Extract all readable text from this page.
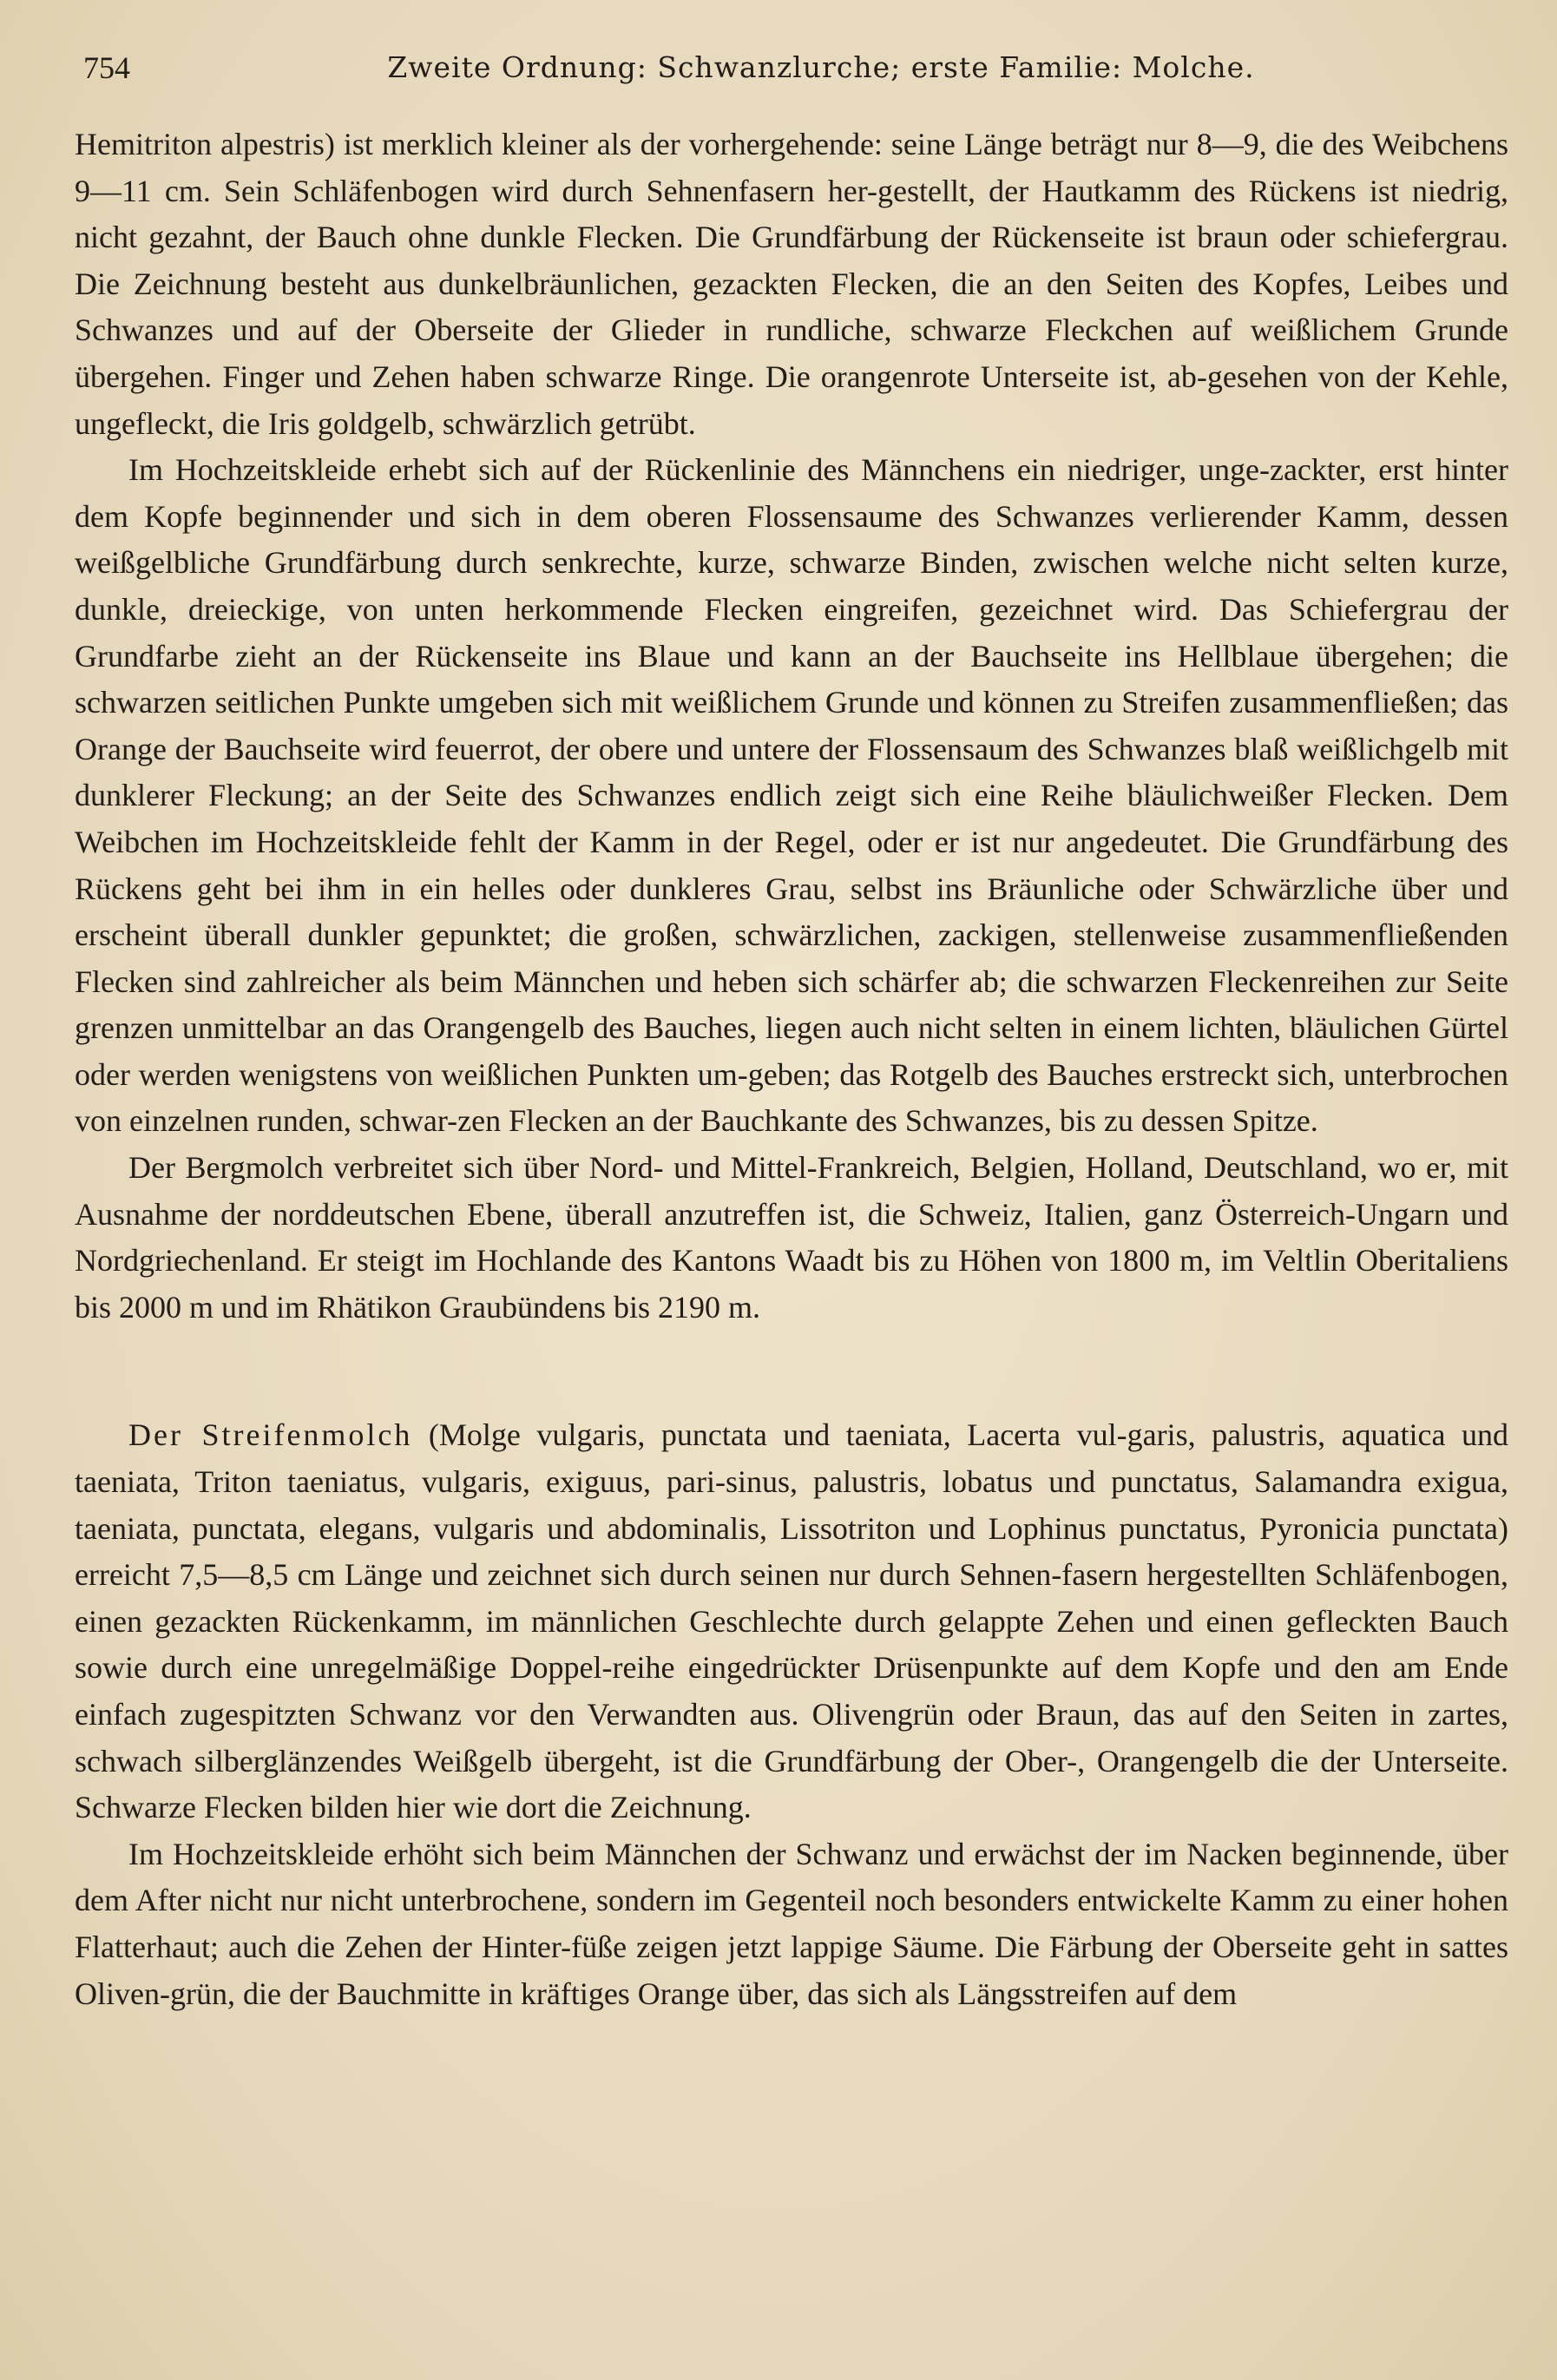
754	Zweite Ordnung: Schwanzlurche; erste Familie: Molche.

Hemitriton alpestris) ist merklich kleiner als der vorhergehende: seine Länge beträgt nur 8—9, die des Weibchens 9—11 cm. Sein Schläfenbogen wird durch Sehnenfasern her-gestellt, der Hautkamm des Rückens ist niedrig, nicht gezahnt, der Bauch ohne dunkle Flecken. Die Grundfärbung der Rückenseite ist braun oder schiefergrau. Die Zeichnung besteht aus dunkelbräunlichen, gezackten Flecken, die an den Seiten des Kopfes, Leibes und Schwanzes und auf der Oberseite der Glieder in rundliche, schwarze Fleckchen auf weißlichem Grunde übergehen. Finger und Zehen haben schwarze Ringe. Die orangenrote Unterseite ist, ab-gesehen von der Kehle, ungefleckt, die Iris goldgelb, schwärzlich getrübt.

Im Hochzeitskleide erhebt sich auf der Rückenlinie des Männchens ein niedriger, unge-zackter, erst hinter dem Kopfe beginnender und sich in dem oberen Flossensaume des Schwanzes verlierender Kamm, dessen weißgelbliche Grundfärbung durch senkrechte, kurze, schwarze Binden, zwischen welche nicht selten kurze, dunkle, dreieckige, von unten herkommende Flecken eingreifen, gezeichnet wird. Das Schiefergrau der Grundfarbe zieht an der Rückenseite ins Blaue und kann an der Bauchseite ins Hellblaue übergehen; die schwarzen seitlichen Punkte umgeben sich mit weißlichem Grunde und können zu Streifen zusammenfließen; das Orange der Bauchseite wird feuerrot, der obere und untere der Flossensaum des Schwanzes blaß weißlichgelb mit dunklerer Fleckung; an der Seite des Schwanzes endlich zeigt sich eine Reihe bläulichweißer Flecken. Dem Weibchen im Hochzeitskleide fehlt der Kamm in der Regel, oder er ist nur angedeutet. Die Grundfärbung des Rückens geht bei ihm in ein helles oder dunkleres Grau, selbst ins Bräunliche oder Schwärzliche über und erscheint überall dunkler gepunktet; die großen, schwärzlichen, zackigen, stellenweise zusammenfließenden Flecken sind zahlreicher als beim Männchen und heben sich schärfer ab; die schwarzen Fleckenreihen zur Seite grenzen unmittelbar an das Orangengelb des Bauches, liegen auch nicht selten in einem lichten, bläulichen Gürtel oder werden wenigstens von weißlichen Punkten um-geben; das Rotgelb des Bauches erstreckt sich, unterbrochen von einzelnen runden, schwar-zen Flecken an der Bauchkante des Schwanzes, bis zu dessen Spitze.

Der Bergmolch verbreitet sich über Nord- und Mittel-Frankreich, Belgien, Holland, Deutschland, wo er, mit Ausnahme der norddeutschen Ebene, überall anzutreffen ist, die Schweiz, Italien, ganz Österreich-Ungarn und Nordgriechenland. Er steigt im Hochlande des Kantons Waadt bis zu Höhen von 1800 m, im Veltlin Oberitaliens bis 2000 m und im Rhätikon Graubündens bis 2190 m.

Der Streifenmolch (Molge vulgaris, punctata und taeniata, Lacerta vul-garis, palustris, aquatica und taeniata, Triton taeniatus, vulgaris, exiguus, pari-sinus, palustris, lobatus und punctatus, Salamandra exigua, taeniata, punctata, elegans, vulgaris und abdominalis, Lissotriton und Lophinus punctatus, Pyronicia punctata) erreicht 7,5—8,5 cm Länge und zeichnet sich durch seinen nur durch Sehnen-fasern hergestellten Schläfenbogen, einen gezackten Rückenkamm, im männlichen Geschlechte durch gelappte Zehen und einen gefleckten Bauch sowie durch eine unregelmäßige Doppel-reihe eingedrückter Drüsenpunkte auf dem Kopfe und den am Ende einfach zugespitzten Schwanz vor den Verwandten aus. Olivengrün oder Braun, das auf den Seiten in zartes, schwach silberglänzendes Weißgelb übergeht, ist die Grundfärbung der Ober-, Orangengelb die der Unterseite. Schwarze Flecken bilden hier wie dort die Zeichnung.

Im Hochzeitskleide erhöht sich beim Männchen der Schwanz und erwächst der im Nacken beginnende, über dem After nicht nur nicht unterbrochene, sondern im Gegenteil noch besonders entwickelte Kamm zu einer hohen Flatterhaut; auch die Zehen der Hinter-füße zeigen jetzt lappige Säume. Die Färbung der Oberseite geht in sattes Oliven-grün, die der Bauchmitte in kräftiges Orange über, das sich als Längsstreifen auf dem
